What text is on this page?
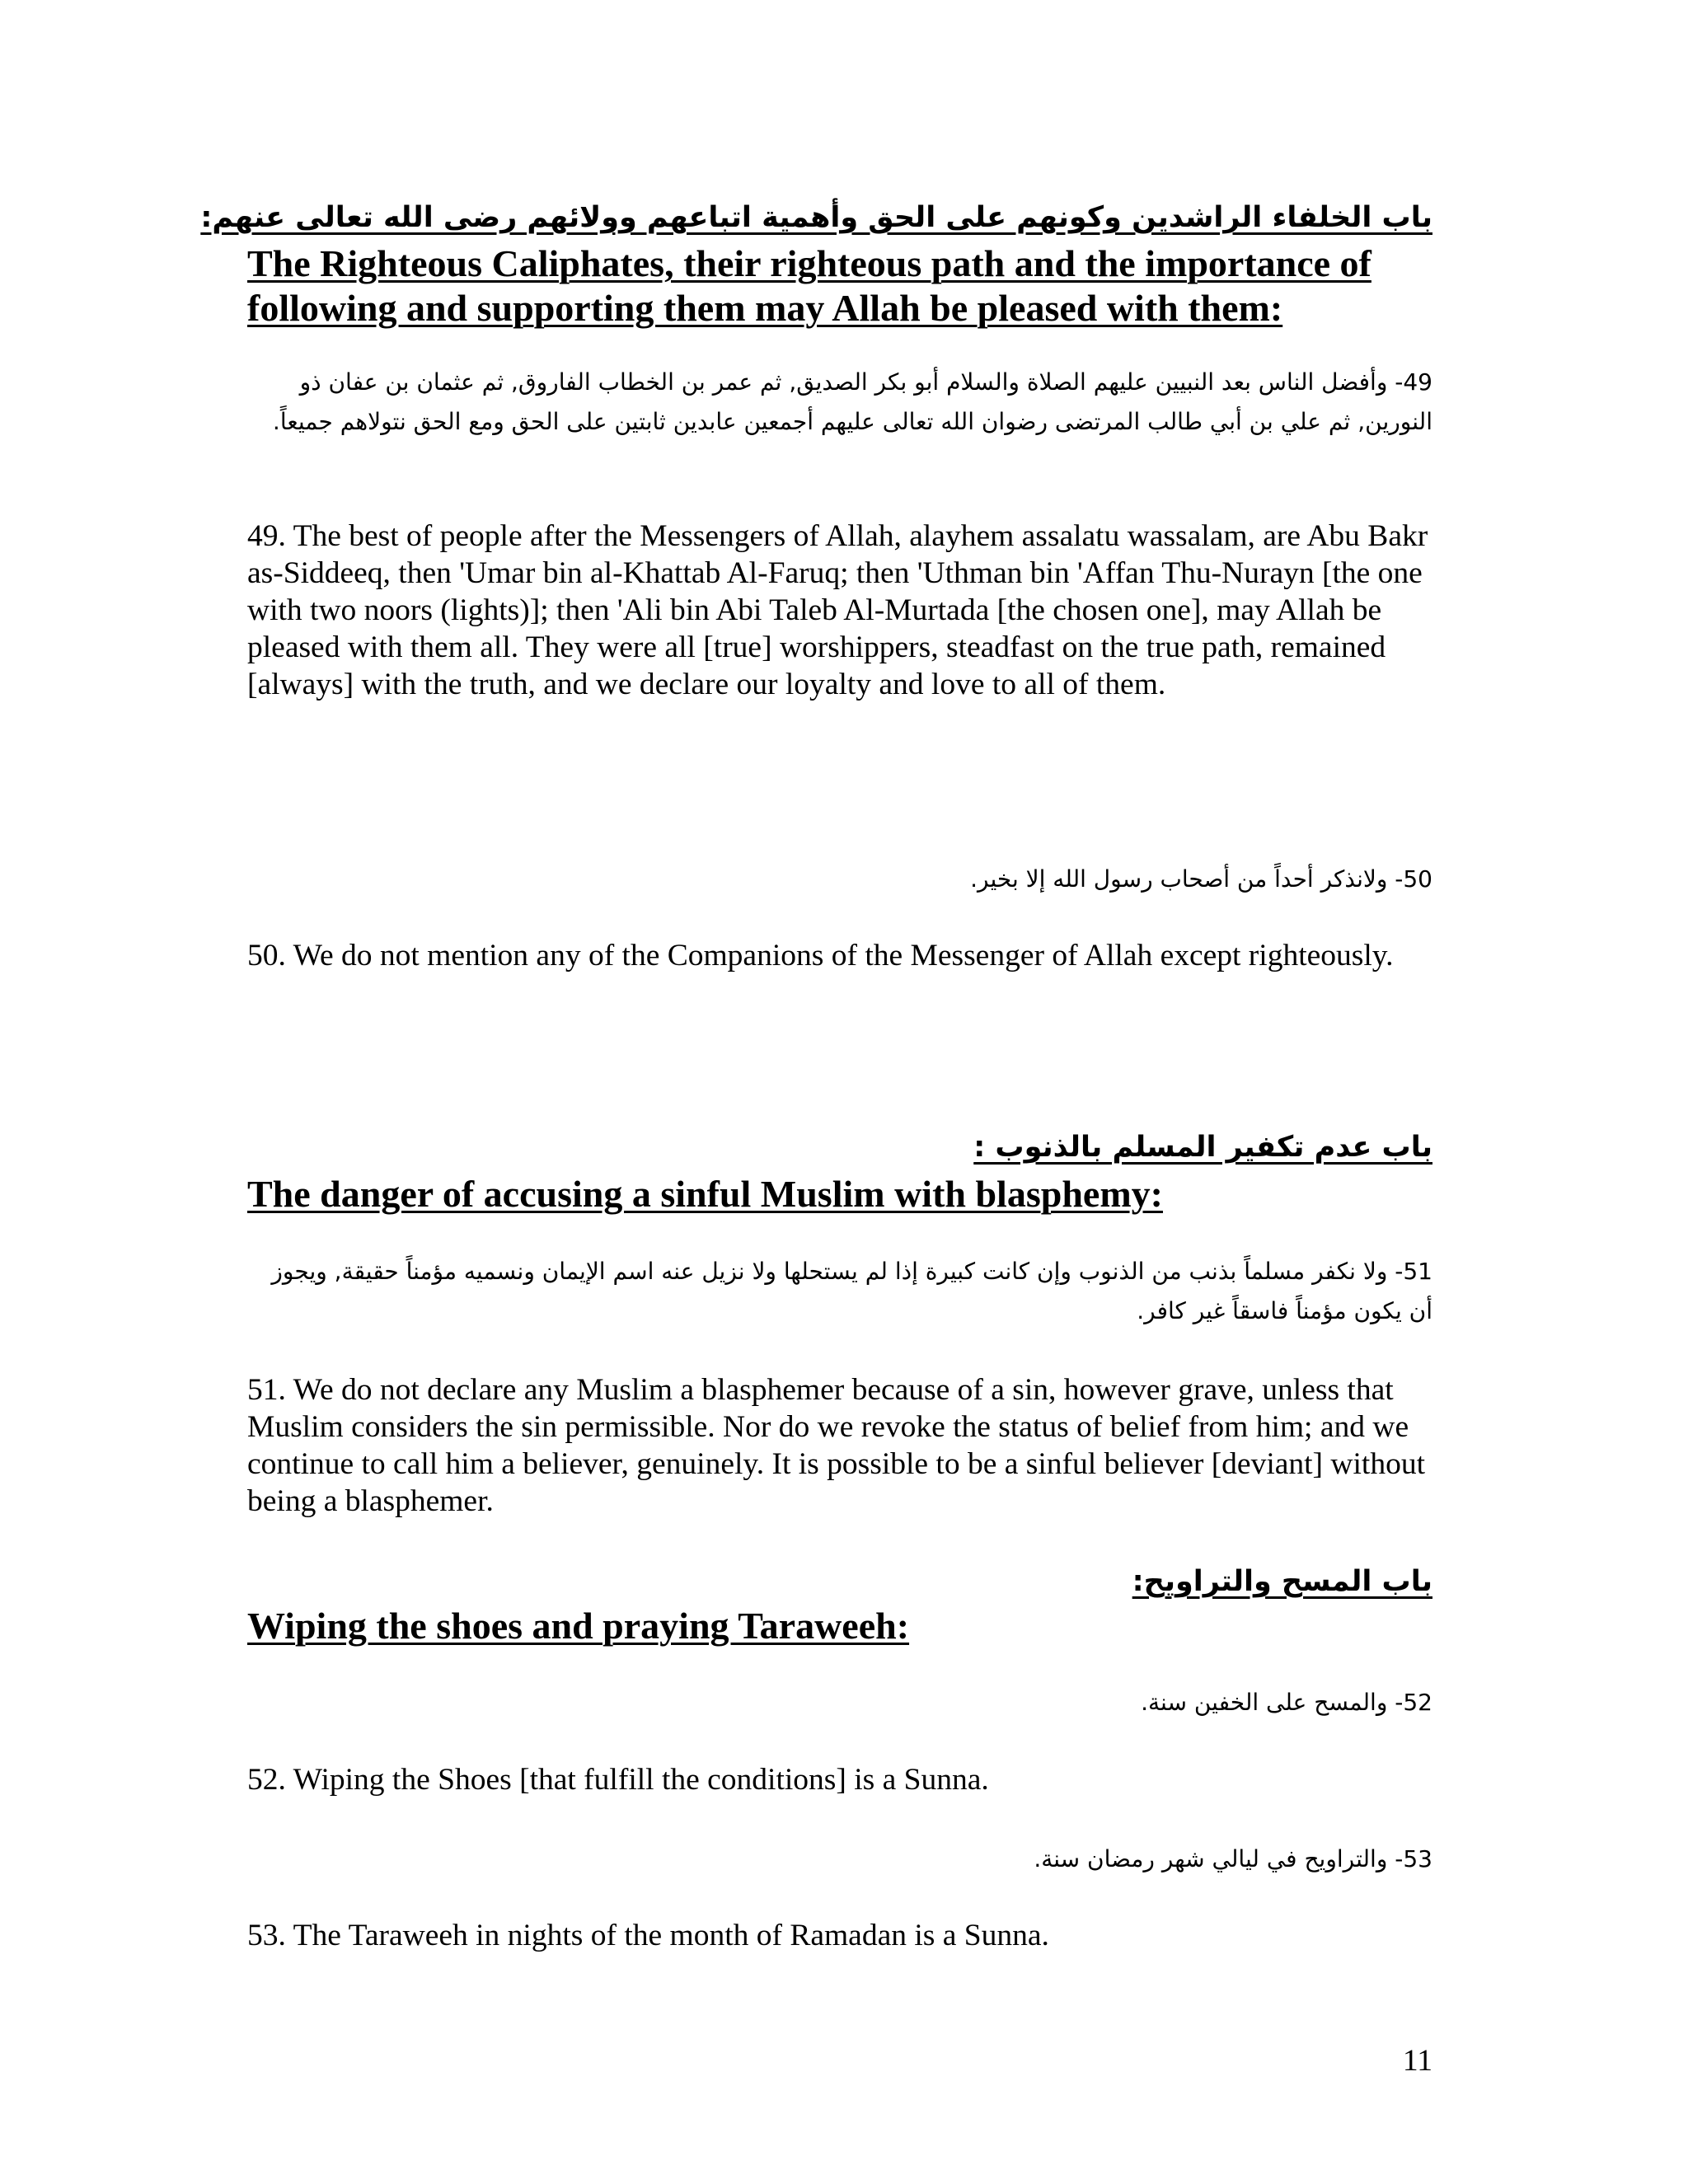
باب الخلفاء الراشدين وكونهم على الحق وأهمية اتباعهم وولائهم رضى الله تعالى عنهم:
The Righteous Caliphates, their righteous path and the importance of following and supporting them may Allah be pleased with them:
49- وأفضل الناس بعد النبيين عليهم الصلاة والسلام أبو بكر الصديق, ثم عمر بن الخطاب الفاروق, ثم عثمان بن عفان ذو النورين, ثم علي بن أبي طالب المرتضى رضوان الله تعالى عليهم أجمعين عابدين ثابتين على الحق ومع الحق نتولاهم جميعاً.
49. The best of people after the Messengers of Allah, alayhem assalatu wassalam, are Abu Bakr as-Siddeeq, then 'Umar bin al-Khattab Al-Faruq; then 'Uthman bin 'Affan Thu-Nurayn [the one with two noors (lights)]; then 'Ali bin Abi Taleb Al-Murtada [the chosen one], may Allah be pleased with them all. They were all [true] worshippers, steadfast on the true path, remained [always] with the truth, and we declare our loyalty and love to all of them.
50- ولانذكر أحداً من أصحاب رسول الله إلا بخير.
50. We do not mention any of the Companions of the Messenger of Allah except righteously.
باب عدم تكفير المسلم بالذنوب :
The danger of accusing a sinful Muslim with blasphemy:
51- ولا نكفر مسلماً بذنب من الذنوب وإن كانت كبيرة إذا لم يستحلها ولا نزيل عنه اسم الإيمان ونسميه مؤمناً حقيقة, ويجوز أن يكون مؤمناً فاسقاً غير كافر.
51. We do not declare any Muslim a blasphemer because of a sin, however grave, unless that Muslim considers the sin permissible. Nor do we revoke the status of belief from him; and we continue to call him a believer, genuinely. It is possible to be a sinful believer [deviant] without being a blasphemer.
باب المسح والتراويح:
Wiping the shoes and praying Taraweeh:
52- والمسح على الخفين سنة.
52. Wiping the Shoes [that fulfill the conditions] is a Sunna.
53- والتراويح في ليالي شهر رمضان سنة.
53. The Taraweeh in nights of the month of Ramadan is a Sunna.
11
